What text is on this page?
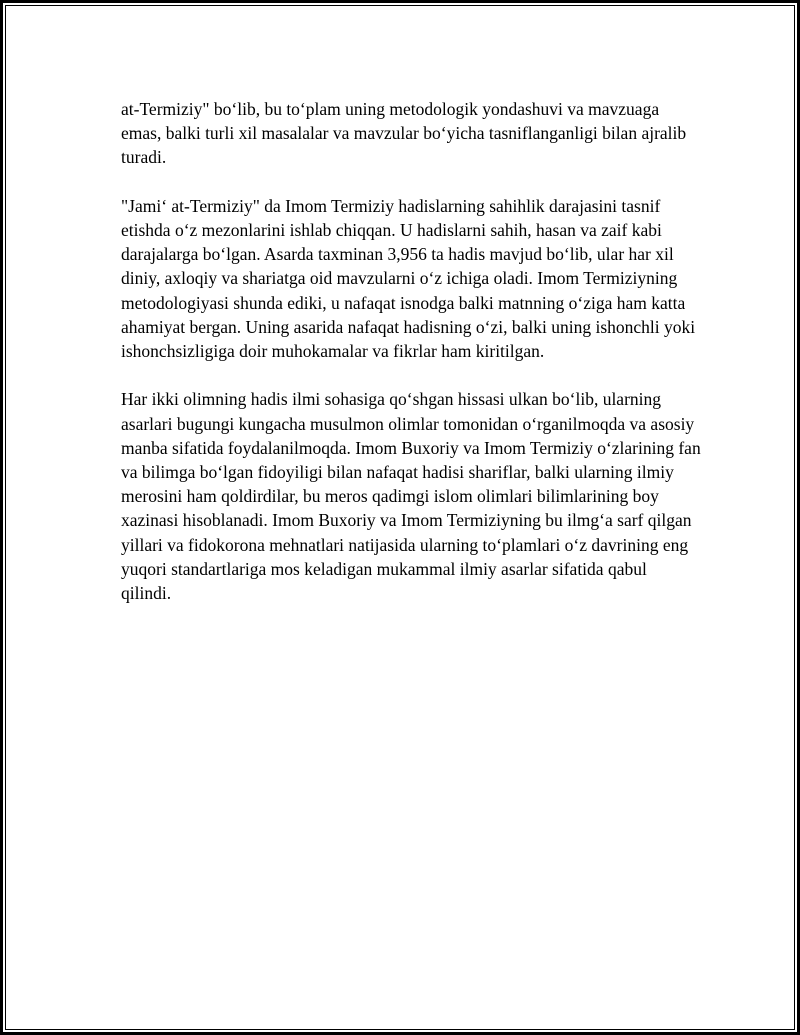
at-Termiziy" bo‘lib, bu to‘plam uning metodologik yondashuvi va mavzuaga emas, balki turli xil masalalar va mavzular bo‘yicha tasniflanganligi bilan ajralib turadi.

"Jami‘ at-Termiziy" da Imom Termiziy hadislarning sahihlik darajasini tasnif etishda o‘z mezonlarini ishlab chiqqan. U hadislarni sahih, hasan va zaif kabi darajalarga bo‘lgan. Asarda taxminan 3,956 ta hadis mavjud bo‘lib, ular har xil diniy, axloqiy va shariatga oid mavzularni o‘z ichiga oladi. Imom Termiziyning metodologiyasi shunda ediki, u nafaqat isnodga balki matnning o‘ziga ham katta ahamiyat bergan. Uning asarida nafaqat hadisning o‘zi, balki uning ishonchli yoki ishonchsizligiga doir muhokamalar va fikrlar ham kiritilgan.

Har ikki olimning hadis ilmi sohasiga qo‘shgan hissasi ulkan bo‘lib, ularning asarlari bugungi kungacha musulmon olimlar tomonidan o‘rganilmoqda va asosiy manba sifatida foydalanilmoqda. Imom Buxoriy va Imom Termiziy o‘zlarining fan va bilimga bo‘lgan fidoyiligi bilan nafaqat hadisi shariflar, balki ularning ilmiy merosini ham qoldirdilar, bu meros qadimgi islom olimlari bilimlarining boy xazinasi hisoblanadi. Imom Buxoriy va Imom Termiziyning bu ilmg‘a sarf qilgan yillari va fidokorona mehnatlari natijasida ularning to‘plamlari o‘z davrining eng yuqori standartlariga mos keladigan mukammal ilmiy asarlar sifatida qabul qilindi.
